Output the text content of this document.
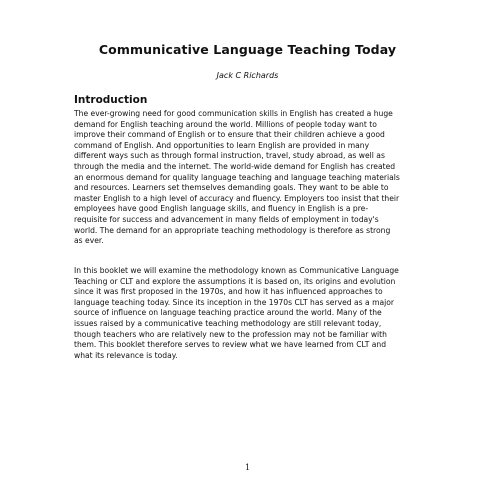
Communicative Language Teaching Today
Jack C Richards
Introduction

The ever-growing need for good communication skills in English has created a huge
demand for English teaching around the world. Millions of people today want to
improve their command of English or to ensure that their children achieve a good
command of English. And opportunities to learn English are provided in many
different ways such as through formal instruction, travel, study abroad, as well as
through the media and the internet. The world-wide demand for English has created
an enormous demand for quality language teaching and language teaching materials
and resources. Learners set themselves demanding goals. They want to be able to
master English to a high level of accuracy and fluency. Employers too insist that their
employees have good English language skills, and fluency in English is a pre-
requisite for success and advancement in many fields of employment in today's
world. The demand for an appropriate teaching methodology is therefore as strong
as ever.

In this booklet we will examine the methodology known as Communicative Language
Teaching or CLT and explore the assumptions it is based on, its origins and evolution
since it was first proposed in the 1970s, and how it has influenced approaches to
language teaching today. Since its inception in the 1970s CLT has served as a major
source of influence on language teaching practice around the world. Many of the
issues raised by a communicative teaching methodology are still relevant today,
though teachers who are relatively new to the profession may not be familiar with
them. This booklet therefore serves to review what we have learned from CLT and
what its relevance is today.

1
